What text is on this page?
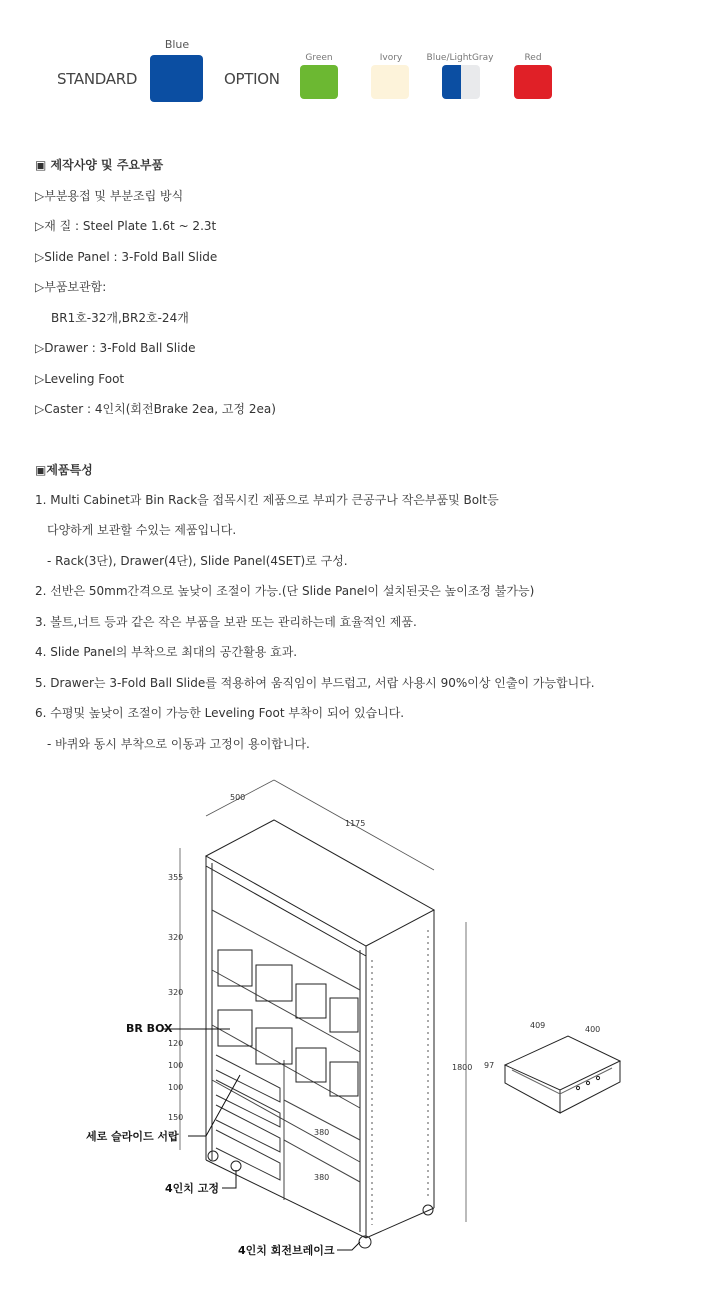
STANDARD
Blue
OPTION
Green	Ivory	Blue/LightGray	Red
▣ 제작사양 및 주요부품
▷부분용접 및 부분조립 방식
▷재 질 : Steel Plate 1.6t ~ 2.3t
▷Slide Panel : 3-Fold Ball Slide
▷부품보관함:
BR1호-32개,BR2호-24개
▷Drawer : 3-Fold Ball Slide
▷Leveling Foot
▷Caster : 4인치(회전Brake 2ea, 고정 2ea)
▣제품특성
1. Multi Cabinet과 Bin Rack을 접목시킨 제품으로 부피가 큰공구나 작은부품및 Bolt등
다양하게 보관할 수있는 제품입니다.
- Rack(3단), Drawer(4단), Slide Panel(4SET)로 구성.
2. 선반은 50mm간격으로 높낮이 조절이 가능.(단 Slide Panel이 설치된곳은 높이조정 불가능)
3. 볼트,너트 등과 같은 작은 부품을 보관 또는 관리하는데 효율적인 제품.
4. Slide Panel의 부착으로 최대의 공간활용 효과.
5. Drawer는 3-Fold Ball Slide를 적용하여 움직임이 부드럽고, 서랍 사용시 90%이상 인출이 가능합니다.
6. 수평및 높낮이 조절이 가능한 Leveling Foot 부착이 되어 있습니다.
- 바퀴와 동시 부착으로 이동과 고정이 용이합니다.
500
1175
1800
355
320
320
120
100
100
150
380
380
BR BOX
세로 슬라이드 서랍
4인치 고정
4인치 회전브레이크
409	400
97
